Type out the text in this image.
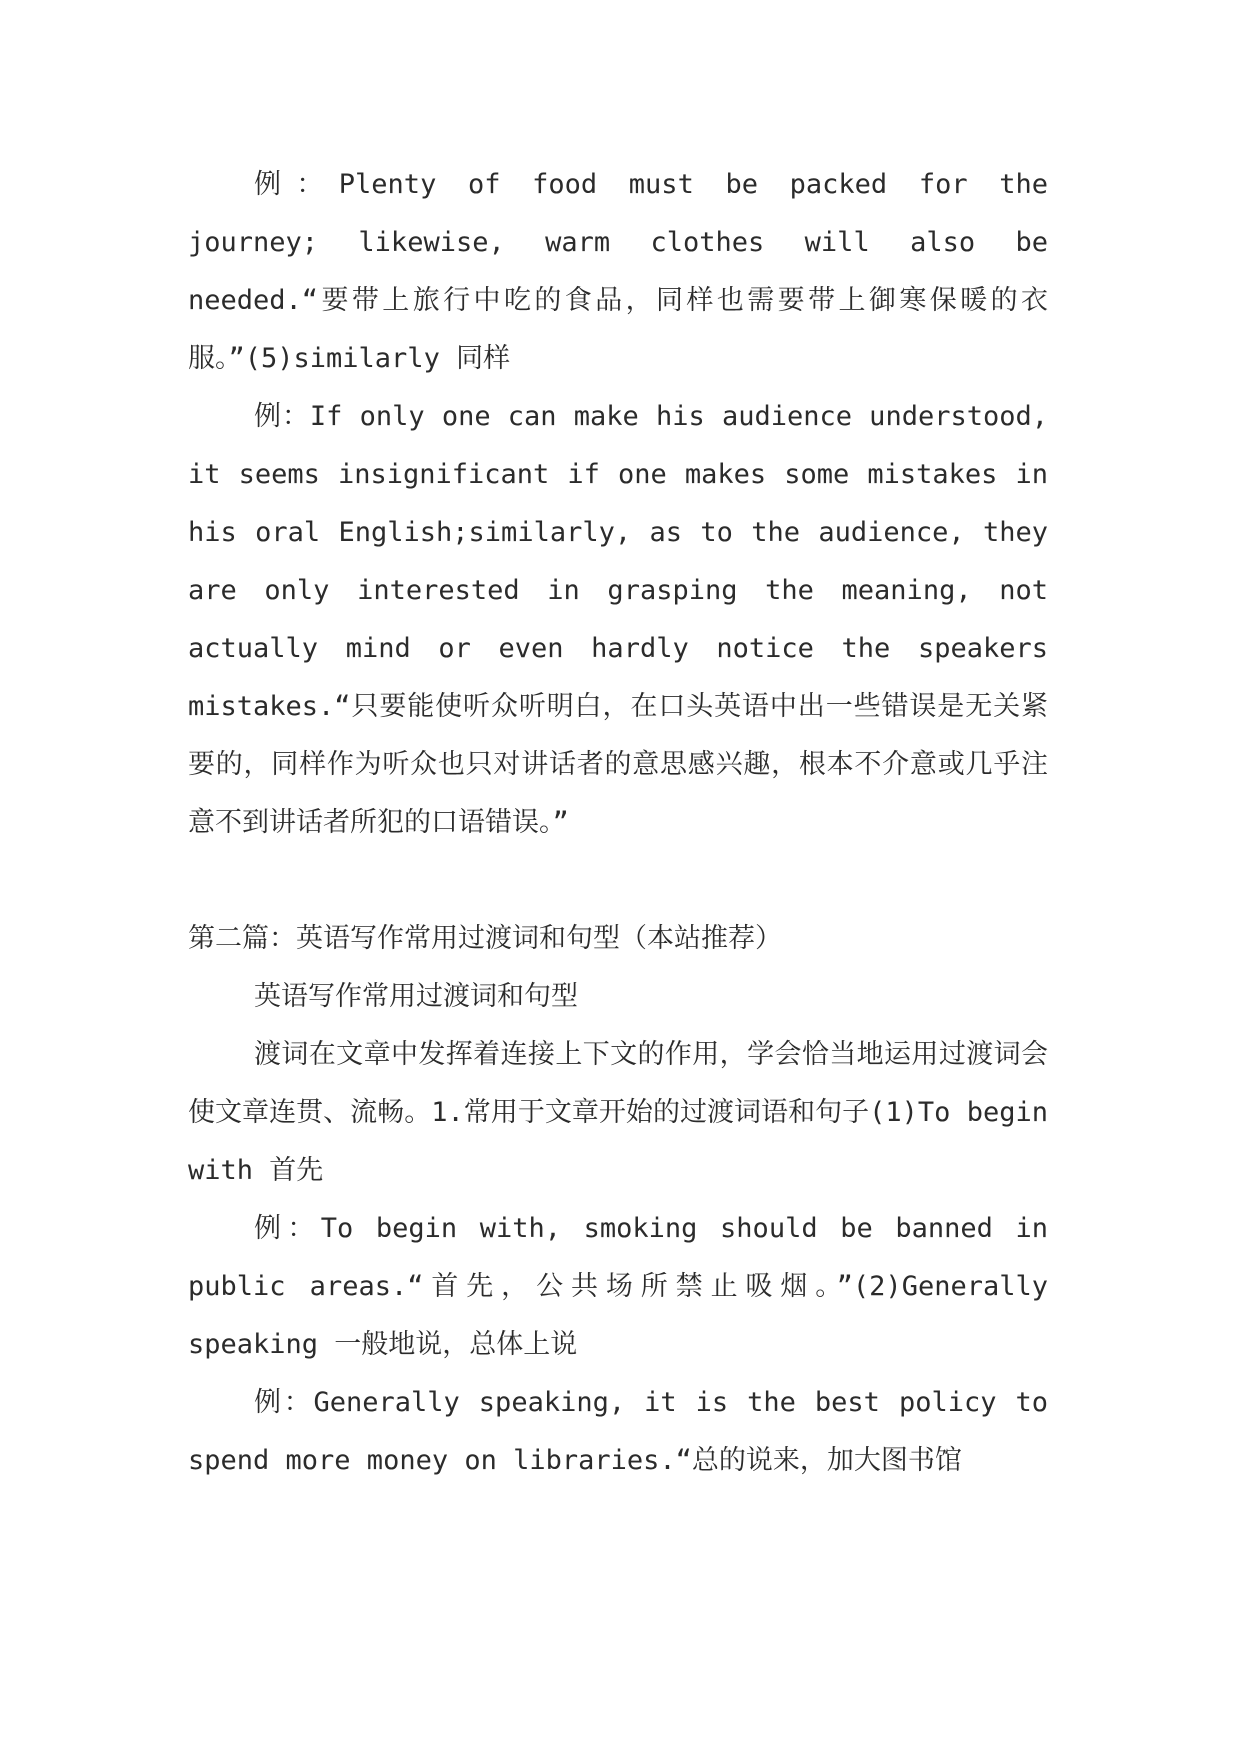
例：Plenty of food must be packed for the journey; likewise, warm clothes will also be needed.“要带上旅行中吃的食品，同样也需要带上御寒保暖的衣服。”(5)similarly 同样

例：If only one can make his audience understood, it seems insignificant if one makes some mistakes in his oral English;similarly, as to the audience, they are only interested in grasping the meaning, not actually mind or even hardly notice the speakers mistakes.“只要能使听众听明白，在口头英语中出一些错误是无关紧要的，同样作为听众也只对讲话者的意思感兴趣，根本不介意或几乎注意不到讲话者所犯的口语错误。”

第二篇：英语写作常用过渡词和句型（本站推荐）

英语写作常用过渡词和句型

渡词在文章中发挥着连接上下文的作用，学会恰当地运用过渡词会使文章连贯、流畅。1.常用于文章开始的过渡词语和句子(1)To begin with 首先

例：To begin with, smoking should be banned in public areas.“首先，公共场所禁止吸烟。”(2)Generally speaking 一般地说，总体上说

例：Generally speaking, it is the best policy to spend more money on libraries.“总的说来，加大图书馆
